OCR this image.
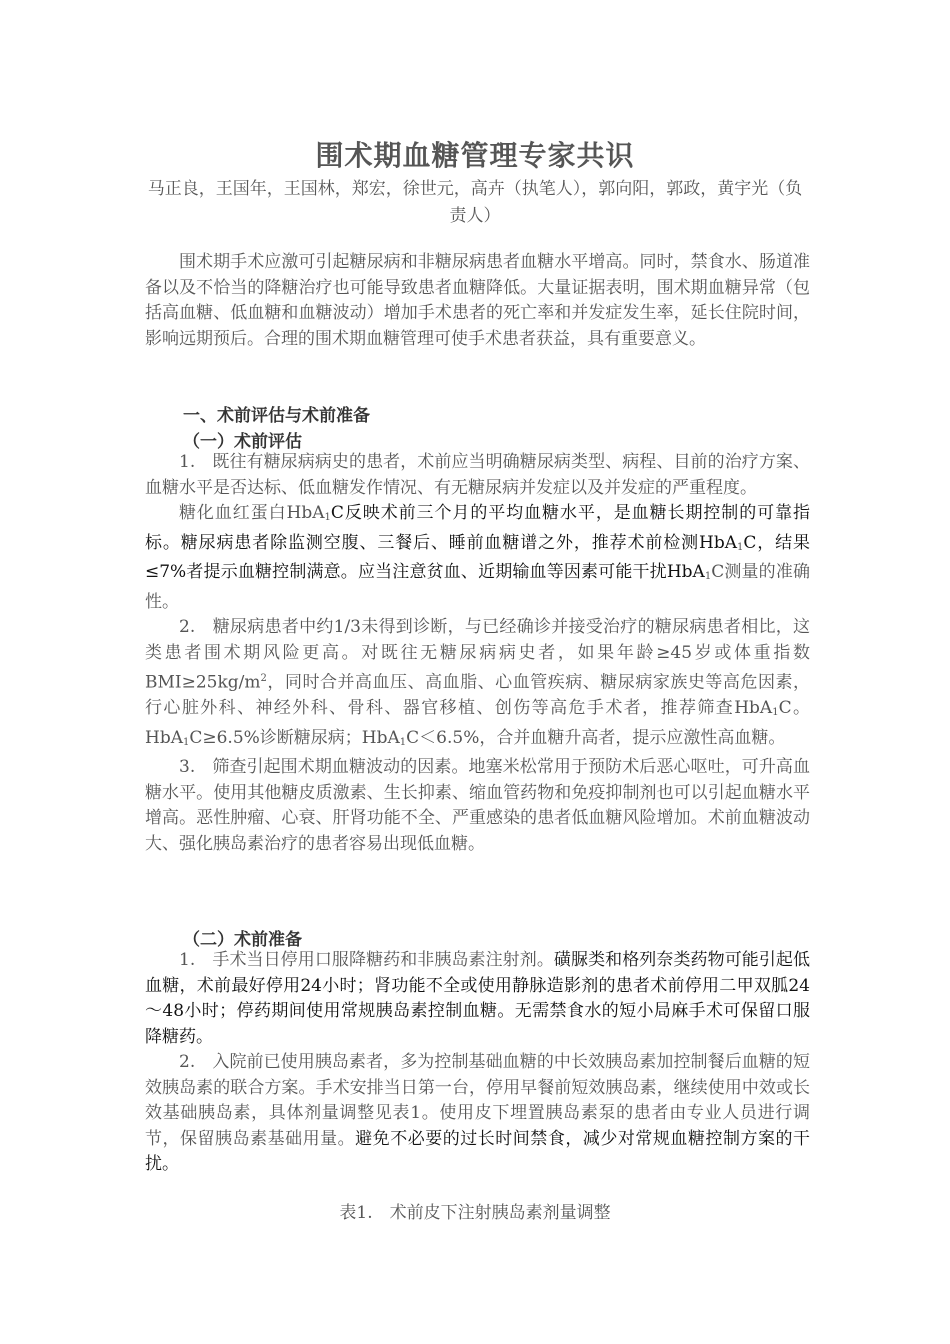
围术期血糖管理专家共识
马正良，王国年，王国林，郑宏，徐世元，高卉（执笔人），郭向阳，郭政，黄宇光（负责人）

围术期手术应激可引起糖尿病和非糖尿病患者血糖水平增高。同时，禁食水、肠道准备以及不恰当的降糖治疗也可能导致患者血糖降低。大量证据表明，围术期血糖异常（包括高血糖、低血糖和血糖波动）增加手术患者的死亡率和并发症发生率，延长住院时间，影响远期预后。合理的围术期血糖管理可使手术患者获益，具有重要意义。

一、术前评估与术前准备
（一）术前评估

1.　既往有糖尿病病史的患者，术前应当明确糖尿病类型、病程、目前的治疗方案、血糖水平是否达标、低血糖发作情况、有无糖尿病并发症以及并发症的严重程度。

糖化血红蛋白HbA$_1$C反映术前三个月的平均血糖水平，是血糖长期控制的可靠指标。糖尿病患者除监测空腹、三餐后、睡前血糖谱之外，推荐术前检测HbA$_1$C，结果≤7%者提示血糖控制满意。应当注意贫血、近期输血等因素可能干扰HbA$_1$C测量的准确性。

2.　糖尿病患者中约1/3未得到诊断，与已经确诊并接受治疗的糖尿病患者相比，这类患者围术期风险更高。对既往无糖尿病病史者，如果年龄≥45岁或体重指数$BMI\ge 25kg/m^2$，同时合并高血压、高血脂、心血管疾病、糖尿病家族史等高危因素，行心脏外科、神经外科、骨科、器官移植、创伤等高危手术者，推荐筛查HbA$_1$C。HbA$_1$C≥6.5%诊断糖尿病；HbA$_1$C＜6.5%，合并血糖升高者，提示应激性高血糖。

3.　筛查引起围术期血糖波动的因素。地塞米松常用于预防术后恶心呕吐，可升高血糖水平。使用其他糖皮质激素、生长抑素、缩血管药物和免疫抑制剂也可以引起血糖水平增高。恶性肿瘤、心衰、肝肾功能不全、严重感染的患者低血糖风险增加。术前血糖波动大、强化胰岛素治疗的患者容易出现低血糖。

（二）术前准备

1.　手术当日停用口服降糖药和非胰岛素注射剂。磺脲类和格列奈类药物可能引起低血糖，术前最好停用24小时；肾功能不全或使用静脉造影剂的患者术前停用二甲双胍24～48小时；停药期间使用常规胰岛素控制血糖。无需禁食水的短小局麻手术可保留口服降糖药。

2.　入院前已使用胰岛素者，多为控制基础血糖的中长效胰岛素加控制餐后血糖的短效胰岛素的联合方案。手术安排当日第一台，停用早餐前短效胰岛素，继续使用中效或长效基础胰岛素，具体剂量调整见表1。使用皮下埋置胰岛素泵的患者由专业人员进行调节，保留胰岛素基础用量。避免不必要的过长时间禁食，减少对常规血糖控制方案的干扰。

表1.　术前皮下注射胰岛素剂量调整
